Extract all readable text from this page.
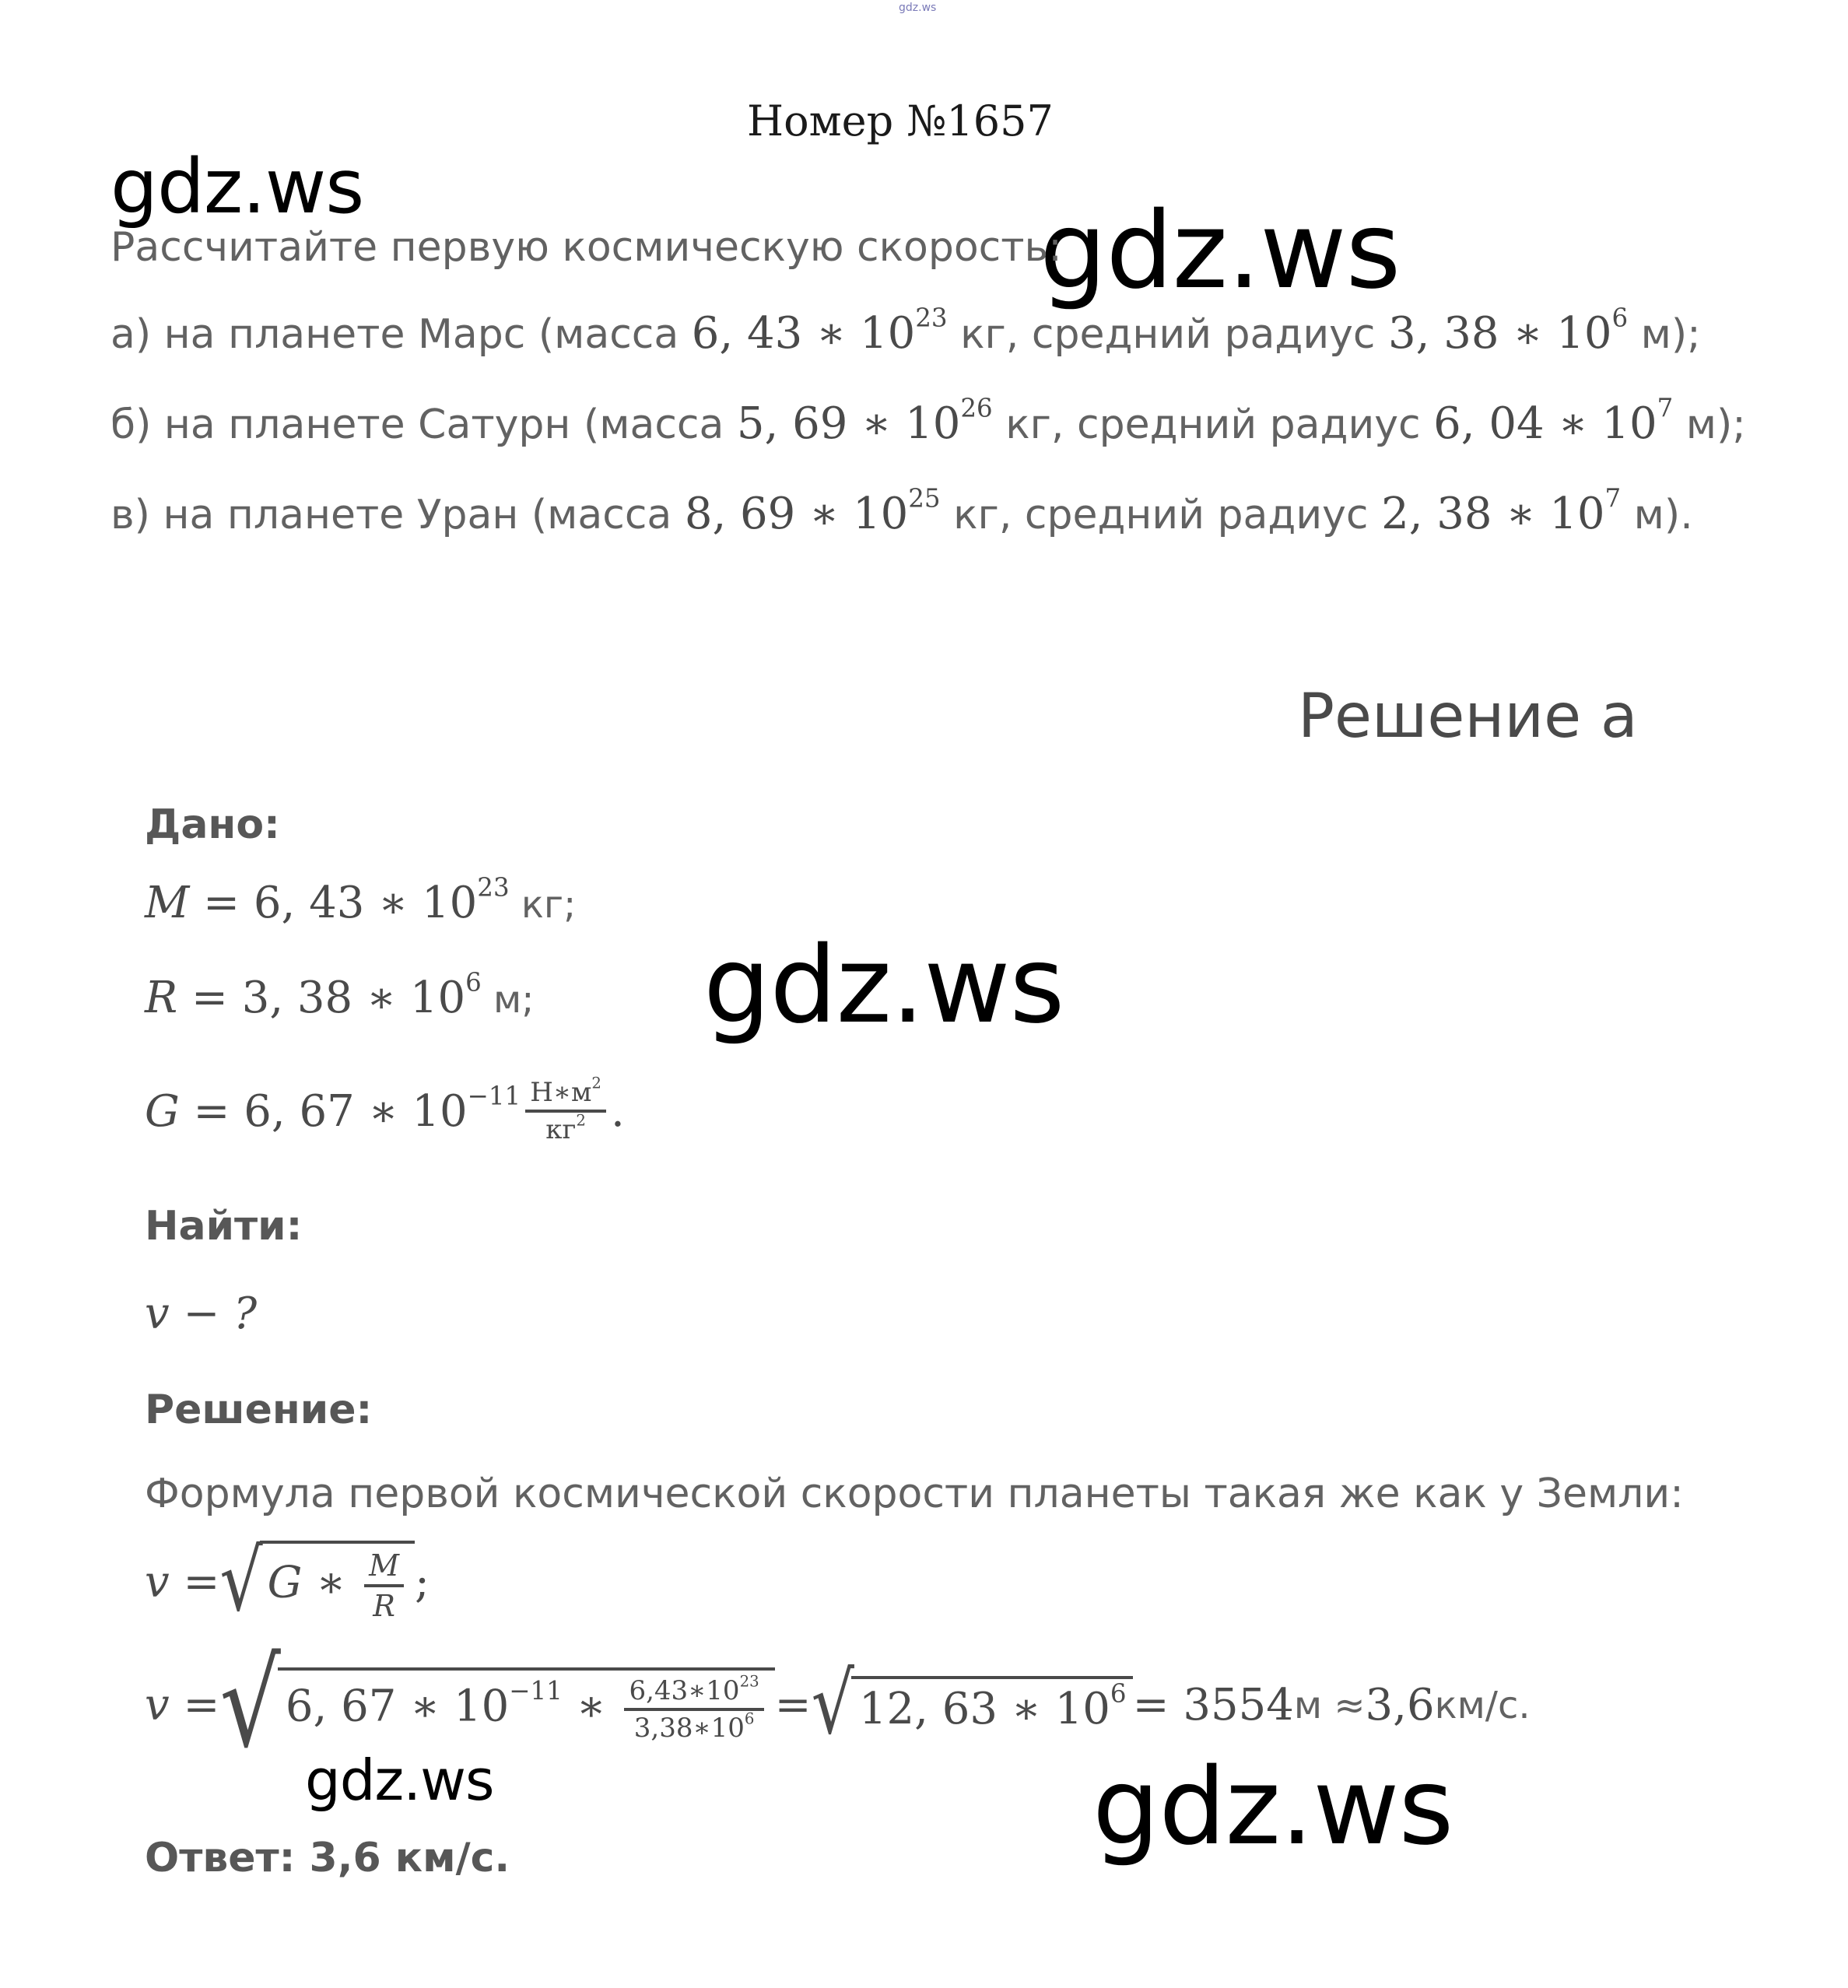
gdz.ws
Номер №1657
gdz.ws
gdz.ws
gdz.ws
gdz.ws	gdz.ws
Рассчитайте первую космическую скорость:
а) на планете Марс (масса 6, 43 ∗ $10^{23}$ кг, средний радиус 3, 38 ∗ $10^6$ м);
б) на планете Сатурн (масса 5, 69 ∗ $10^{26}$ кг, средний радиус 6, 04 ∗ $10^7$ м);
в) на планете Уран (масса 8, 69 ∗ $10^{25}$ кг, средний радиус 2, 38 ∗ $10^7$ м).
Решение а
Дано:
M = 6, 43 ∗ $10^{23}$ кг;
R = 3, 38 ∗ $10^6$ м;
G = 6, 67 ∗ $10^{-11} \frac{Н∗м^2}{кг^2}$ .
Найти:
v − ?
Решение:
Формула первой космической скорости планеты такая же как у Земли:
v =√ G ∗ $\frac{M}{R}$ ;
v =√ 6, 67 ∗ $10^{-11}$ ∗ $\frac{6,43∗10^{23}}{3,38∗10^6}$ =√ 12, 63 ∗ $10^6= 3554м \approx 3,6км/с$.
Ответ: 3,6 км/с.
